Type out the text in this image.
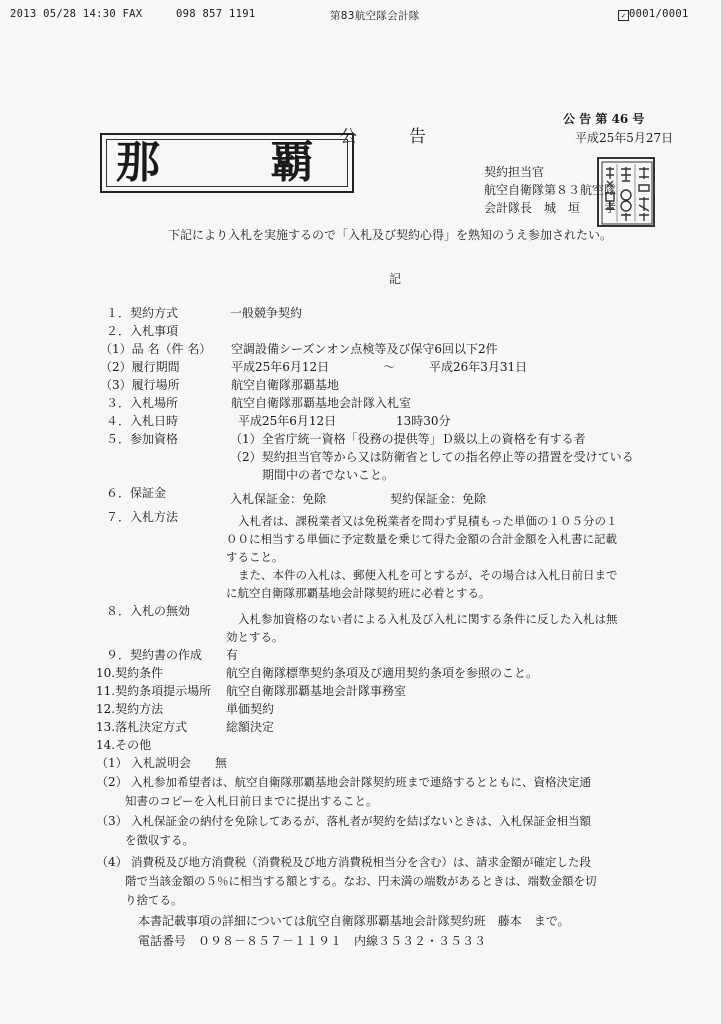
2013 05/28 14:30 FAX	098 857 1191	第83航空隊会計隊	✓ 0001/0001
公 告 第 46 号
平成25年5月27日
公　　告
那 覇	契約担当官
航空自衛隊第８３航空隊
会計隊長　城　垣　　孝
下記により入札を実施するので「入札及び契約心得」を熟知のうえ参加されたい。
記
１．契約方式	一般競争契約
２．入札事項
（1）品 名（件 名） 空調設備シーズンオン点検等及び保守6回以下2件
（2）履行期間	平成25年6月12日	～	平成26年3月31日
（3）履行場所	航空自衛隊那覇基地
３．入札場所	航空自衛隊那覇基地会計隊入札室
４．入札日時	平成25年6月12日	13時30分
５．参加資格	（1）全省庁統一資格「役務の提供等」Ｄ級以上の資格を有する者
（2）契約担当官等から又は防衛省としての指名停止等の措置を受けている
期間中の者でないこと。
６．保証金	入札保証金：免除	契約保証金：免除
７．入札方法	入札者は、課税業者又は免税業者を問わず見積もった単価の１０５分の１
００に相当する単価に予定数量を乗じて得た金額の合計金額を入札書に記載
すること。
また、本件の入札は、郵便入札を可とするが、その場合は入札日前日まで
に航空自衛隊那覇基地会計隊契約班に必着とする。
８．入札の無効
入札参加資格のない者による入札及び入札に関する条件に反した入札は無
効とする。
９．契約書の作成 有
10.契約条件	航空自衛隊標準契約条項及び適用契約条項を参照のこと。
11.契約条項提示場所 航空自衛隊那覇基地会計隊事務室
12.契約方法	単価契約
13.落札決定方式	総額決定
14.その他
（1） 入札説明会　　無
（2） 入札参加希望者は、航空自衛隊那覇基地会計隊契約班まで連絡するとともに、資格決定通
知書のコピーを入札日前日までに提出すること。
（3） 入札保証金の納付を免除してあるが、落札者が契約を結ばないときは、入札保証金相当額
を徴収する。
（4） 消費税及び地方消費税（消費税及び地方消費税相当分を含む）は、請求金額が確定した段
階で当該金額の５％に相当する額とする。なお、円未満の端数があるときは、端数金額を切
り捨てる。
本書記載事項の詳細については航空自衛隊那覇基地会計隊契約班　藤本　まで。
電話番号　０９８－８５７－１１９１　内線３５３２・３５３３
